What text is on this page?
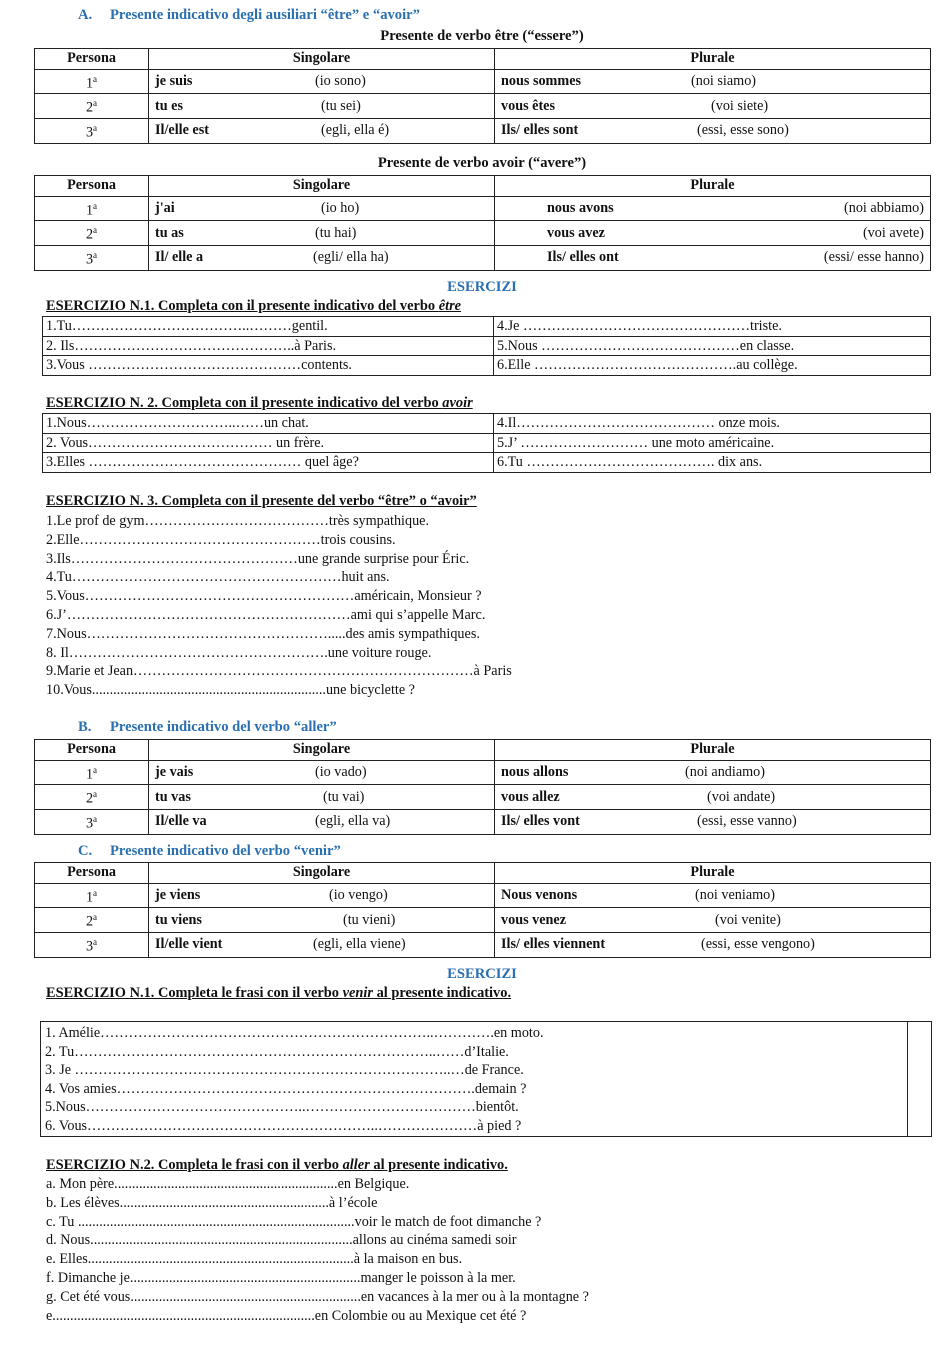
A. Presente indicativo degli ausiliari “être” e “avoir”
Presente de verbo être (“essere”)
Persona	Singolare	Plurale
1$^a$	je suis (io sono)	nous sommes (noi siamo)

2$^a$	tu es (tu sei)	vous êtes (voi siete)

3$^a$	Il/elle est (egli, ella é)	Ils/ elles sont (essi, esse sono)
Presente de verbo avoir (“avere”)
Persona	Singolare	Plurale
1$^a$	j'ai (io ho)	nous avons (noi abbiamo)

2$^a$	tu as (tu hai)	vous avez (voi avete)

3$^a$	Il/ elle a (egli/ ella ha)	Ils/ elles ont (essi/ esse hanno)
ESERCIZI
ESERCIZIO N.1. Completa con il presente indicativo del verbo être
1.Tu………………………………..………gentil.	4.Je …………………………………………triste.
2. Ils………………………………………..à Paris.	5.Nous ……………………………………en classe.
3.Vous ………………………………………contents.	6.Elle …………………………………….au collège.
ESERCIZIO N. 2. Completa con il presente indicativo del verbo avoir
1.Nous…………………………..……un chat.	4.Il…………………………………… onze mois.
2. Vous………………………………… un frère.	5.J’ ……………………… une moto américaine.
3.Elles ……………………………………… quel âge?	6.Tu …………………………………. dix ans.
ESERCIZIO N. 3. Completa con il presente del verbo “être” o “avoir”
1.Le prof de gym…………………………………très sympathique.
2.Elle……………………………………………trois cousins.
3.Ils…………………………………………une grande surprise pour Éric.
4.Tu…………………………………………………huit ans.
5.Vous…………………………………………………américain, Monsieur ?
6.J’……………………………………………………ami qui s’appelle Marc.
7.Nous…………………………………………….....des amis sympathiques.
8. Il……………………………………………….une voiture rouge.
9.Marie et Jean………………………………………………………………à Paris
10.Vous..................................................................une bicyclette ?
B. Presente indicativo del verbo “aller”
Persona	Singolare	Plurale
1$^a$	je vais (io vado)	nous allons (noi andiamo)

2$^a$	tu vas (tu vai)	vous allez (voi andate)

3$^a$	Il/elle va (egli, ella va)	Ils/ elles vont (essi, esse vanno)
C. Presente indicativo del verbo “venir”
Persona	Singolare	Plurale
1$^a$	je viens (io vengo)	Nous venons (noi veniamo)

2$^a$	tu viens (tu vieni)	vous venez (voi venite)

3$^a$	Il/elle vient (egli, ella viene)	Ils/ elles viennent (essi, esse vengono)
ESERCIZI
ESERCIZIO N.1. Completa le frasi con il verbo venir al presente indicativo.
1. Amélie……………………………………………………………..………….en moto.
2. Tu…………………………………………………………………..……d’Italie.
3. Je ……………………………………………………………………..…de France.
4. Vos amies………………………………………………………………….demain ?
5.Nous………………………………………..………………………………bientôt.
6. Vous……………………………………………………..…………………à pied ?
ESERCIZIO N.2. Completa le frasi con il verbo aller al presente indicativo.
a. Mon père...............................................................en Belgique.
b. Les élèves...........................................................à l’école
c. Tu ..............................................................................voir le match de foot dimanche ?
d. Nous..........................................................................allons au cinéma samedi soir
e. Elles...........................................................................à la maison en bus.
f. Dimanche je.................................................................manger le poisson à la mer.
g. Cet été vous.................................................................en vacances à la mer ou à la montagne ?
e..........................................................................en Colombie ou au Mexique cet été ?
